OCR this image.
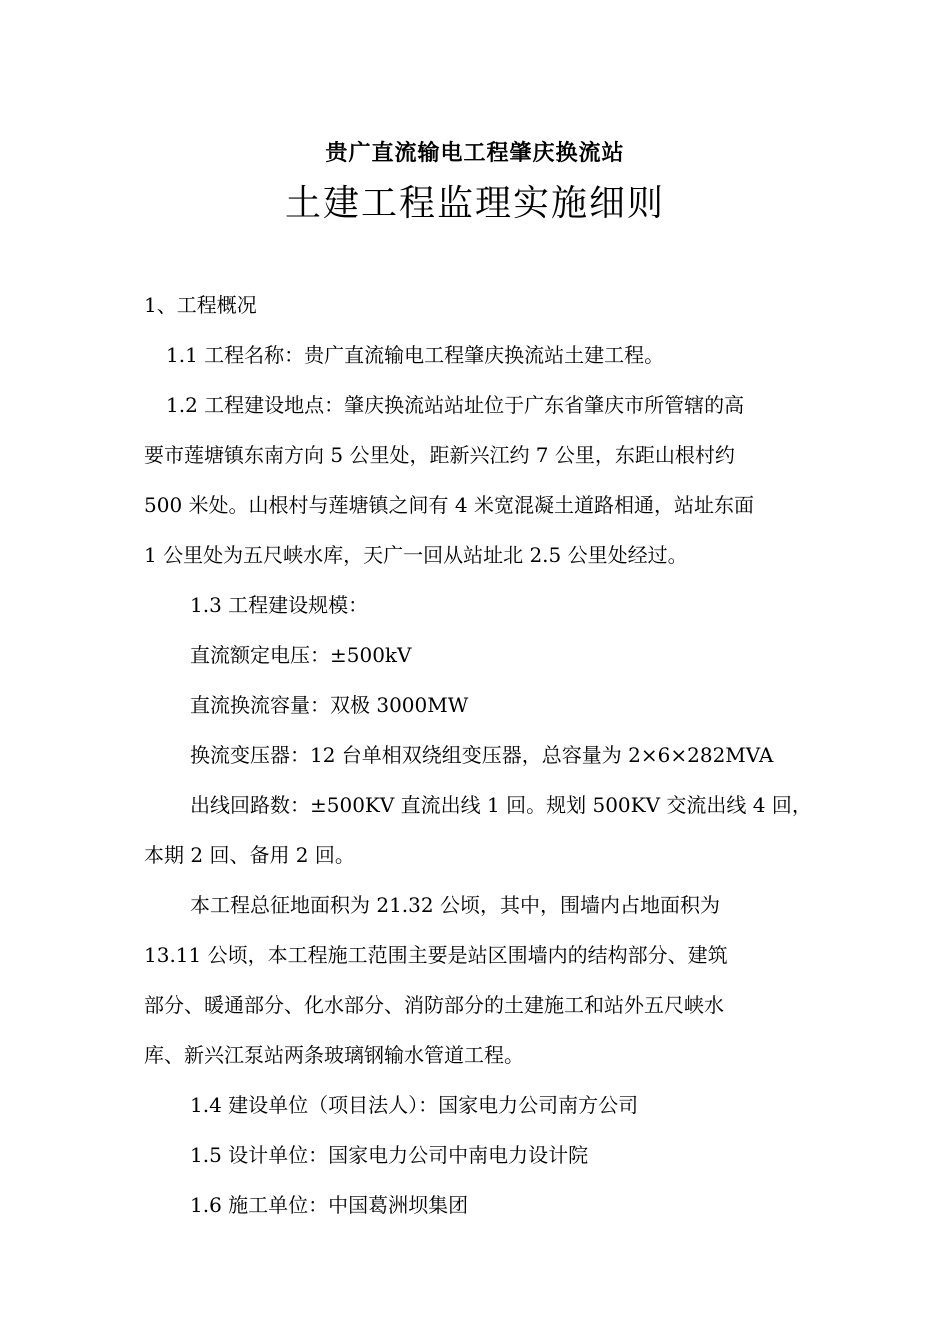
贵广直流输电工程肇庆换流站
土建工程监理实施细则

1、工程概况

1.1 工程名称：贵广直流输电工程肇庆换流站土建工程。

1.2 工程建设地点：肇庆换流站站址位于广东省肇庆市所管辖的高

要市莲塘镇东南方向 5 公里处，距新兴江约 7 公里，东距山根村约

500 米处。山根村与莲塘镇之间有 4 米宽混凝土道路相通，站址东面

1 公里处为五尺峡水库，天广一回从站址北 2.5 公里处经过。

1.3 工程建设规模：

直流额定电压：±500kV

直流换流容量：双极 3000MW

换流变压器：12 台单相双绕组变压器，总容量为 2×6×282MVA

出线回路数：±500KV 直流出线 1 回。规划 500KV 交流出线 4 回，

本期 2 回、备用 2 回。

本工程总征地面积为 21.32 公顷，其中，围墙内占地面积为

13.11 公顷，本工程施工范围主要是站区围墙内的结构部分、建筑

部分、暖通部分、化水部分、消防部分的土建施工和站外五尺峡水

库、新兴江泵站两条玻璃钢输水管道工程。

1.4 建设单位（项目法人）：国家电力公司南方公司

1.5 设计单位：国家电力公司中南电力设计院

1.6 施工单位：中国葛洲坝集团
